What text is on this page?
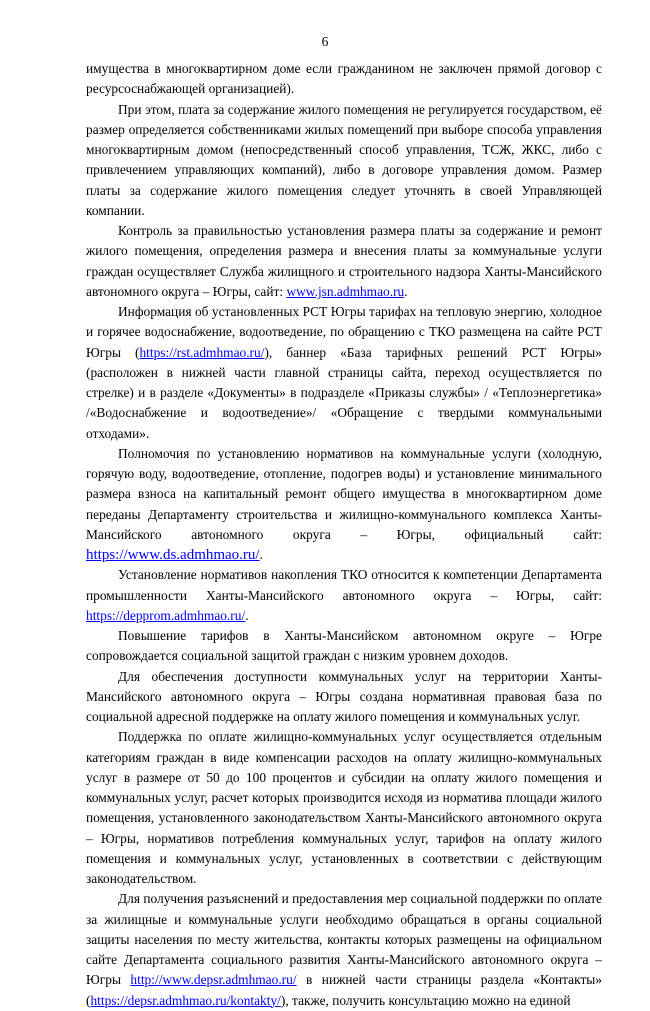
6

имущества в многоквартирном доме если гражданином не заключен прямой договор с ресурсоснабжающей организацией).

При этом, плата за содержание жилого помещения не регулируется государством, её размер определяется собственниками жилых помещений при выборе способа управления многоквартирным домом (непосредственный способ управления, ТСЖ, ЖКС, либо с привлечением управляющих компаний), либо в договоре управления домом. Размер платы за содержание жилого помещения следует уточнять в своей Управляющей компании.

Контроль за правильностью установления размера платы за содержание и ремонт жилого помещения, определения размера и внесения платы за коммунальные услуги граждан осуществляет Служба жилищного и строительного надзора Ханты-Мансийского автономного округа – Югры, сайт: www.jsn.admhmao.ru.

Информация об установленных РСТ Югры тарифах на тепловую энергию, холодное и горячее водоснабжение, водоотведение, по обращению с ТКО размещена на сайте РСТ Югры (https://rst.admhmao.ru/), баннер «База тарифных решений РСТ Югры» (расположен в нижней части главной страницы сайта, переход осуществляется по стрелке) и в разделе «Документы» в подразделе «Приказы службы» / «Теплоэнергетика» /«Водоснабжение и водоотведение»/ «Обращение с твердыми коммунальными отходами».

Полномочия по установлению нормативов на коммунальные услуги (холодную, горячую воду, водоотведение, отопление, подогрев воды) и установление минимального размера взноса на капитальный ремонт общего имущества в многоквартирном доме переданы Департаменту строительства и жилищно-коммунального комплекса Ханты-Мансийского автономного округа – Югры, официальный сайт: https://www.ds.admhmao.ru/.

Установление нормативов накопления ТКО относится к компетенции Департамента промышленности Ханты-Мансийского автономного округа – Югры, сайт: https://depprom.admhmao.ru/.

Повышение тарифов в Ханты-Мансийском автономном округе – Югре сопровождается социальной защитой граждан с низким уровнем доходов.

Для обеспечения доступности коммунальных услуг на территории Ханты-Мансийского автономного округа – Югры создана нормативная правовая база по социальной адресной поддержке на оплату жилого помещения и коммунальных услуг.

Поддержка по оплате жилищно-коммунальных услуг осуществляется отдельным категориям граждан в виде компенсации расходов на оплату жилищно-коммунальных услуг в размере от 50 до 100 процентов и субсидии на оплату жилого помещения и коммунальных услуг, расчет которых производится исходя из норматива площади жилого помещения, установленного законодательством Ханты-Мансийского автономного округа – Югры, нормативов потребления коммунальных услуг, тарифов на оплату жилого помещения и коммунальных услуг, установленных в соответствии с действующим законодательством.

Для получения разъяснений и предоставления мер социальной поддержки по оплате за жилищные и коммунальные услуги необходимо обращаться в органы социальной защиты населения по месту жительства, контакты которых размещены на официальном сайте Департамента социального развития Ханты-Мансийского автономного округа – Югры http://www.depsr.admhmao.ru/ в нижней части страницы раздела «Контакты» (https://depsr.admhmao.ru/kontakty/), также, получить консультацию можно на единой
